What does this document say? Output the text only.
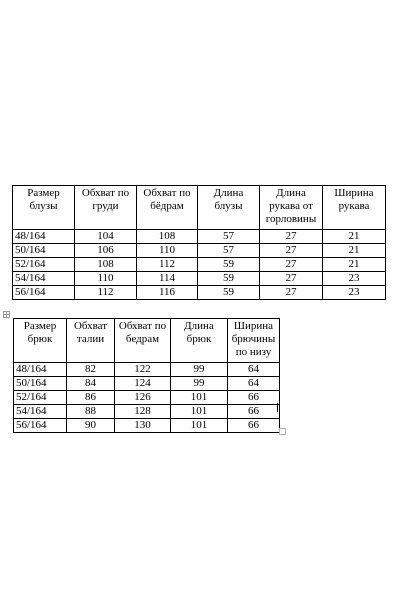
Размер блузы	Обхват по груди	Обхват по бёдрам	Длина блузы	Длина рукава от горловины	Ширина рукава
48/164	104	108	57	27	21
50/164	106	110	57	27	21
52/164	108	112	59	27	21
54/164	110	114	59	27	23
56/164	112	116	59	27	23
Размер брюк	Обхват талии	Обхват по бедрам	Длина брюк	Ширина брючины по низу
48/164	82	122	99	64
50/164	84	124	99	64
52/164	86	126	101	66
54/164	88	128	101	66
56/164	90	130	101	66
